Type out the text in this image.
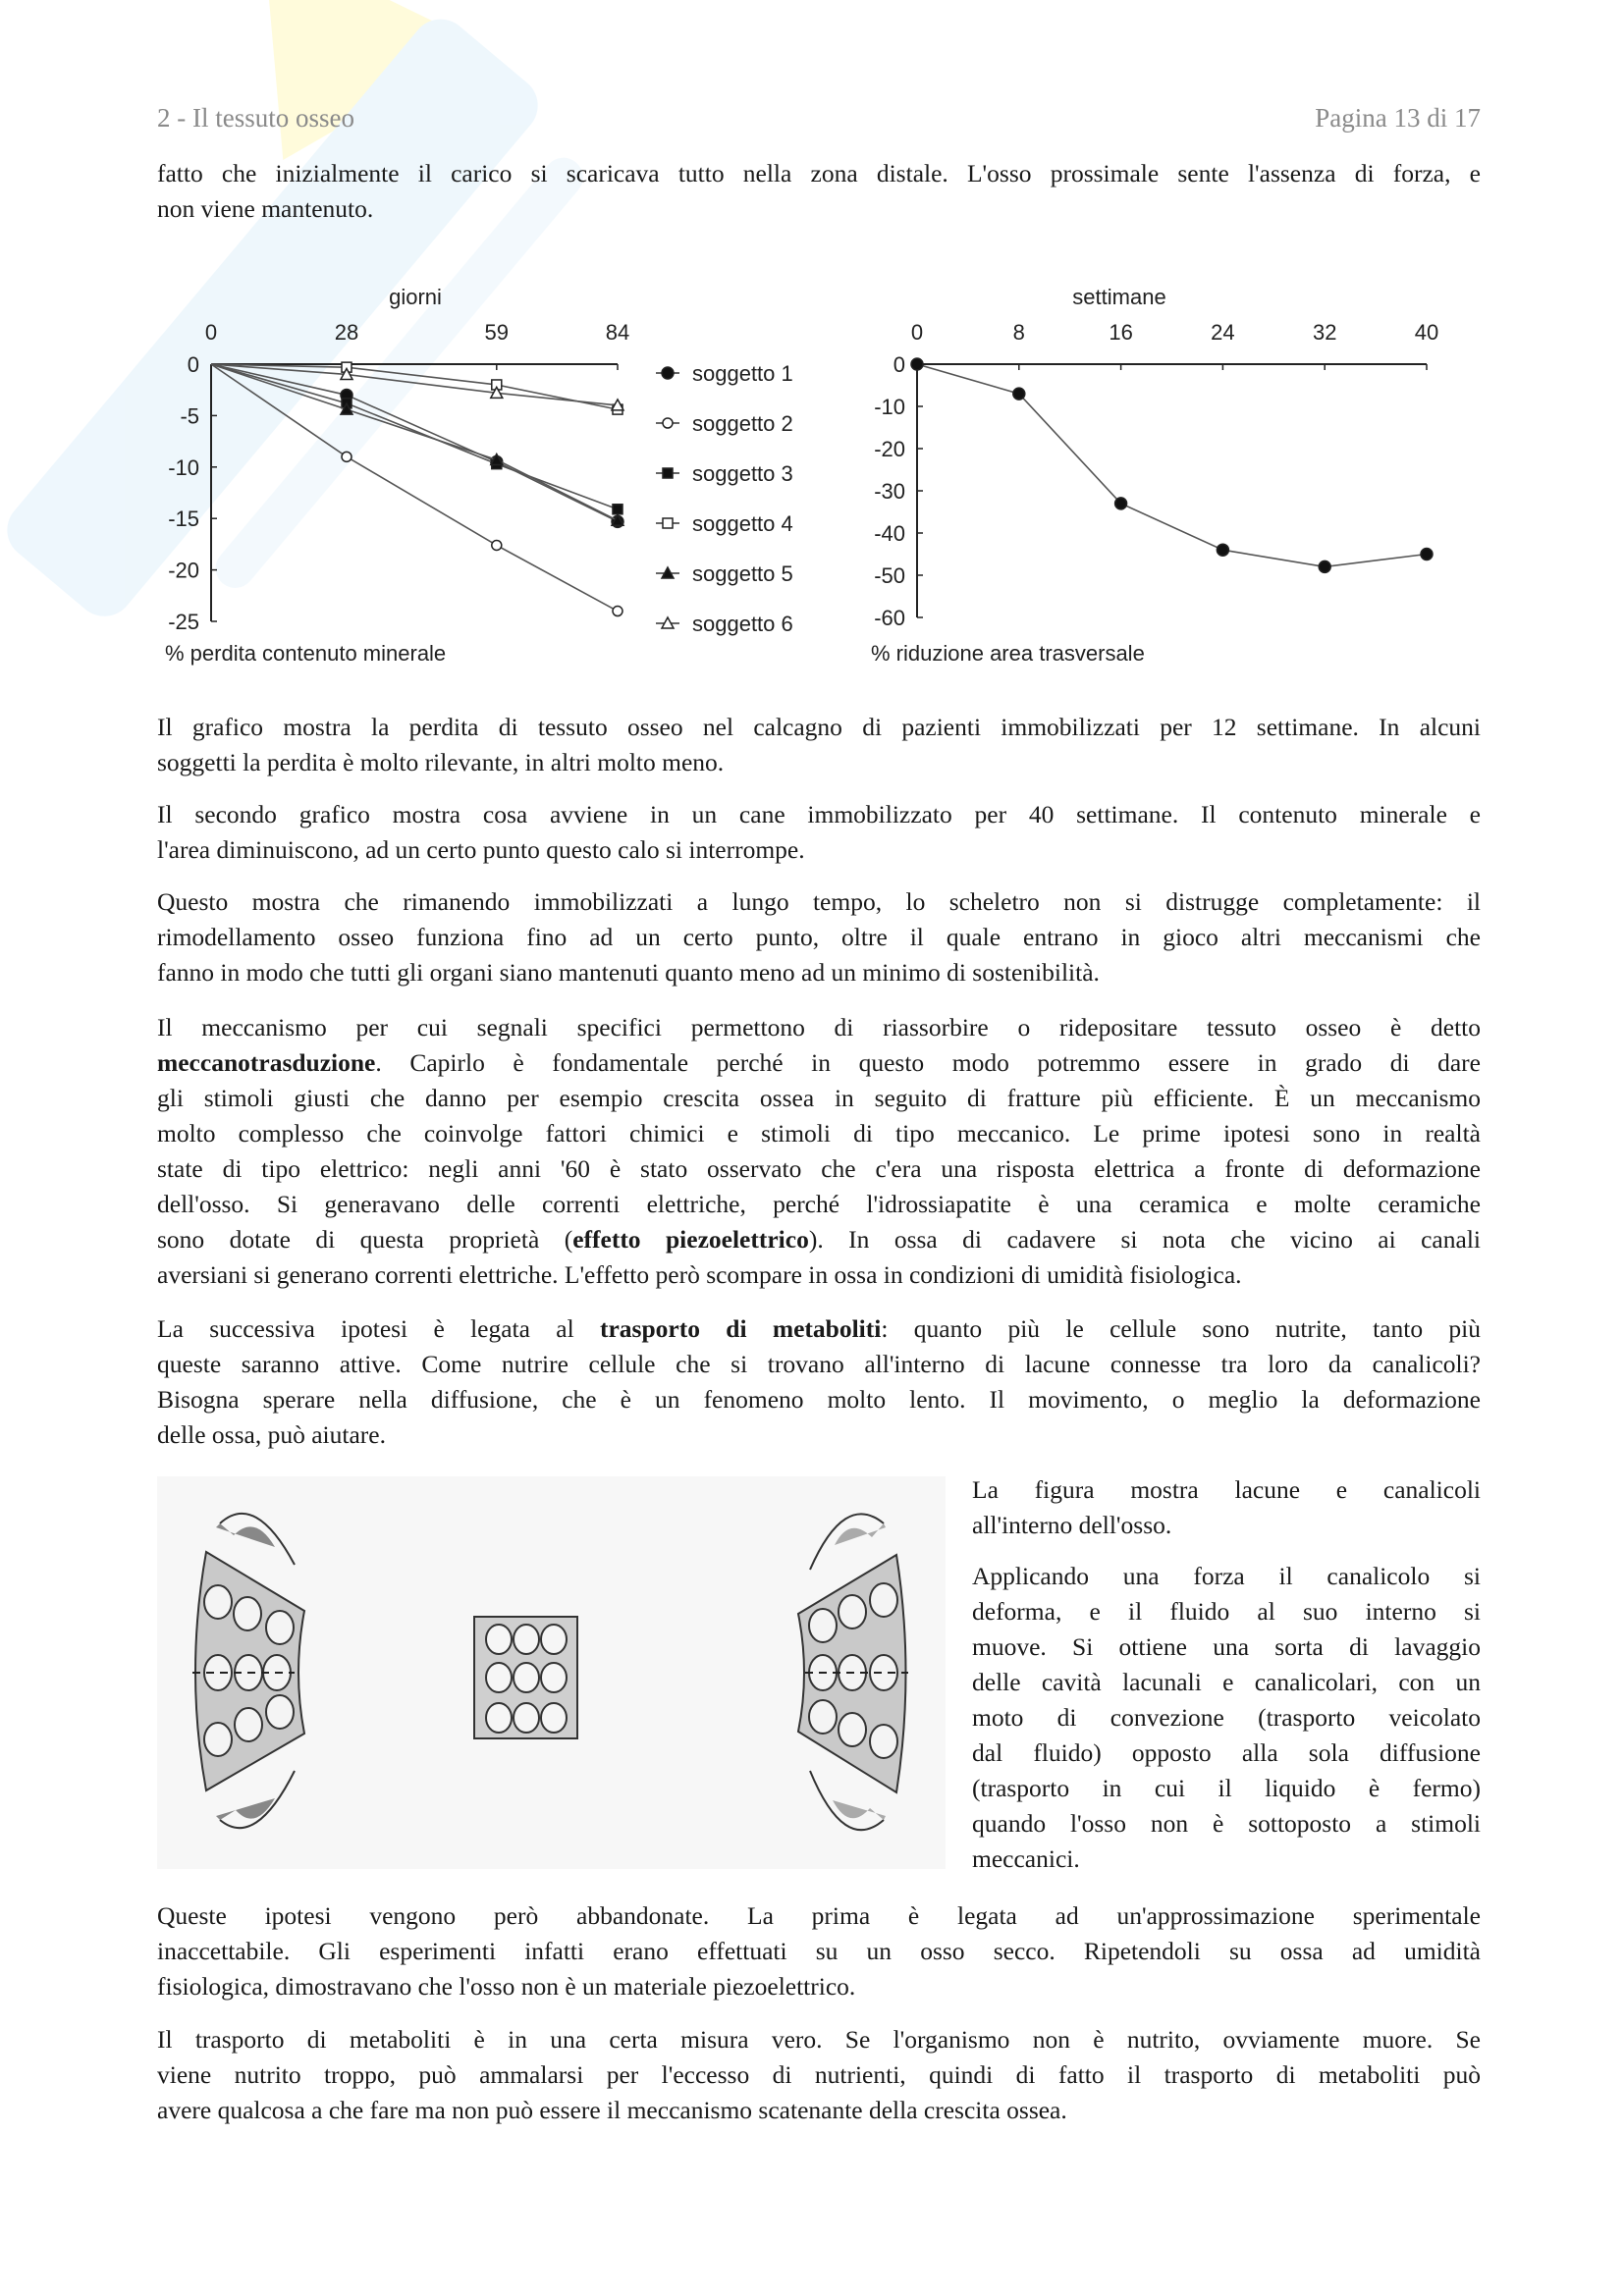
2 - Il tessuto osseo	Pagina 13 di 17
fatto che inizialmente il carico si scaricava tutto nella zona distale. L'osso prossimale sente l'assenza di forza, e
non viene mantenuto.
Il grafico mostra la perdita di tessuto osseo nel calcagno di pazienti immobilizzati per 12 settimane. In alcuni
soggetti la perdita è molto rilevante, in altri molto meno.
Il secondo grafico mostra cosa avviene in un cane immobilizzato per 40 settimane. Il contenuto minerale e
l'area diminuiscono, ad un certo punto questo calo si interrompe.
Questo mostra che rimanendo immobilizzati a lungo tempo, lo scheletro non si distrugge completamente: il
rimodellamento osseo funziona fino ad un certo punto, oltre il quale entrano in gioco altri meccanismi che
fanno in modo che tutti gli organi siano mantenuti quanto meno ad un minimo di sostenibilità.
Il meccanismo per cui segnali specifici permettono di riassorbire o ridepositare tessuto osseo è detto
meccanotrasduzione. Capirlo è fondamentale perché in questo modo potremmo essere in grado di dare
gli stimoli giusti che danno per esempio crescita ossea in seguito di fratture più efficiente. È un meccanismo
molto complesso che coinvolge fattori chimici e stimoli di tipo meccanico. Le prime ipotesi sono in realtà
state di tipo elettrico: negli anni '60 è stato osservato che c'era una risposta elettrica a fronte di deformazione
dell'osso. Si generavano delle correnti elettriche, perché l'idrossiapatite è una ceramica e molte ceramiche
sono dotate di questa proprietà (effetto piezoelettrico). In ossa di cadavere si nota che vicino ai canali
aversiani si generano correnti elettriche. L'effetto però scompare in ossa in condizioni di umidità fisiologica.
La successiva ipotesi è legata al trasporto di metaboliti: quanto più le cellule sono nutrite, tanto più
queste saranno attive. Come nutrire cellule che si trovano all'interno di lacune connesse tra loro da canalicoli?
Bisogna sperare nella diffusione, che è un fenomeno molto lento. Il movimento, o meglio la deformazione
delle ossa, può aiutare.
La figura mostra lacune e canalicoli
all'interno dell'osso.
Applicando una forza il canalicolo si
deforma, e il fluido al suo interno si
muove. Si ottiene una sorta di lavaggio
delle cavità lacunali e canalicolari, con un
moto di convezione (trasporto veicolato
dal fluido) opposto alla sola diffusione
(trasporto in cui il liquido è fermo)
quando l'osso non è sottoposto a stimoli
meccanici.
Queste ipotesi vengono però abbandonate. La prima è legata ad un'approssimazione sperimentale
inaccettabile. Gli esperimenti infatti erano effettuati su un osso secco. Ripetendoli su ossa ad umidità
fisiologica, dimostravano che l'osso non è un materiale piezoelettrico.
Il trasporto di metaboliti è in una certa misura vero. Se l'organismo non è nutrito, ovviamente muore. Se
viene nutrito troppo, può ammalarsi per l'eccesso di nutrienti, quindi di fatto il trasporto di metaboliti può
avere qualcosa a che fare ma non può essere il meccanismo scatenante della crescita ossea.
giorni
0	28	59	84
0
-5
-10
-15
-20
-25
% perdita contenuto minerale
soggetto 1
soggetto 2
soggetto 3
soggetto 4
soggetto 5
soggetto 6
settimane
0	8	16	24	32	40
0
-10
-20
-30
-40
-50
-60
% riduzione area trasversale
